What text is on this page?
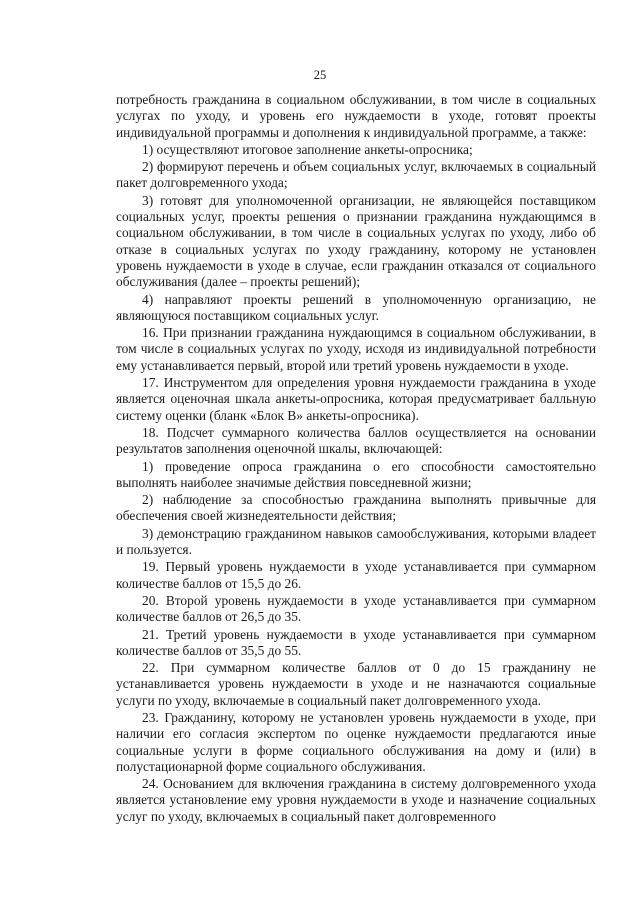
25

потребность гражданина в социальном обслуживании, в том числе в социальных услугах по уходу, и уровень его нуждаемости в уходе, готовят проекты индивидуальной программы и дополнения к индивидуальной программе, а также:

1) осуществляют итоговое заполнение анкеты-опросника;

2) формируют перечень и объем социальных услуг, включаемых в социальный пакет долговременного ухода;

3) готовят для уполномоченной организации, не являющейся поставщиком социальных услуг, проекты решения о признании гражданина нуждающимся в социальном обслуживании, в том числе в социальных услугах по уходу, либо об отказе в социальных услугах по уходу гражданину, которому не установлен уровень нуждаемости в уходе в случае, если гражданин отказался от социального обслуживания (далее – проекты решений);

4) направляют проекты решений в уполномоченную организацию, не являющуюся поставщиком социальных услуг.

16. При признании гражданина нуждающимся в социальном обслуживании, в том числе в социальных услугах по уходу, исходя из индивидуальной потребности ему устанавливается первый, второй или третий уровень нуждаемости в уходе.

17. Инструментом для определения уровня нуждаемости гражданина в уходе является оценочная шкала анкеты-опросника, которая предусматривает балльную систему оценки (бланк «Блок В» анкеты-опросника).

18. Подсчет суммарного количества баллов осуществляется на основании результатов заполнения оценочной шкалы, включающей:

1) проведение опроса гражданина о его способности самостоятельно выполнять наиболее значимые действия повседневной жизни;

2) наблюдение за способностью гражданина выполнять привычные для обеспечения своей жизнедеятельности действия;

3) демонстрацию гражданином навыков самообслуживания, которыми владеет и пользуется.

19. Первый уровень нуждаемости в уходе устанавливается при суммарном количестве баллов от 15,5 до 26.

20. Второй уровень нуждаемости в уходе устанавливается при суммарном количестве баллов от 26,5 до 35.

21. Третий уровень нуждаемости в уходе устанавливается при суммарном количестве баллов от 35,5 до 55.

22. При суммарном количестве баллов от 0 до 15 гражданину не устанавливается уровень нуждаемости в уходе и не назначаются социальные услуги по уходу, включаемые в социальный пакет долговременного ухода.

23. Гражданину, которому не установлен уровень нуждаемости в уходе, при наличии его согласия экспертом по оценке нуждаемости предлагаются иные социальные услуги в форме социального обслуживания на дому и (или) в полустационарной форме социального обслуживания.

24. Основанием для включения гражданина в систему долговременного ухода является установление ему уровня нуждаемости в уходе и назначение социальных услуг по уходу, включаемых в социальный пакет долговременного
